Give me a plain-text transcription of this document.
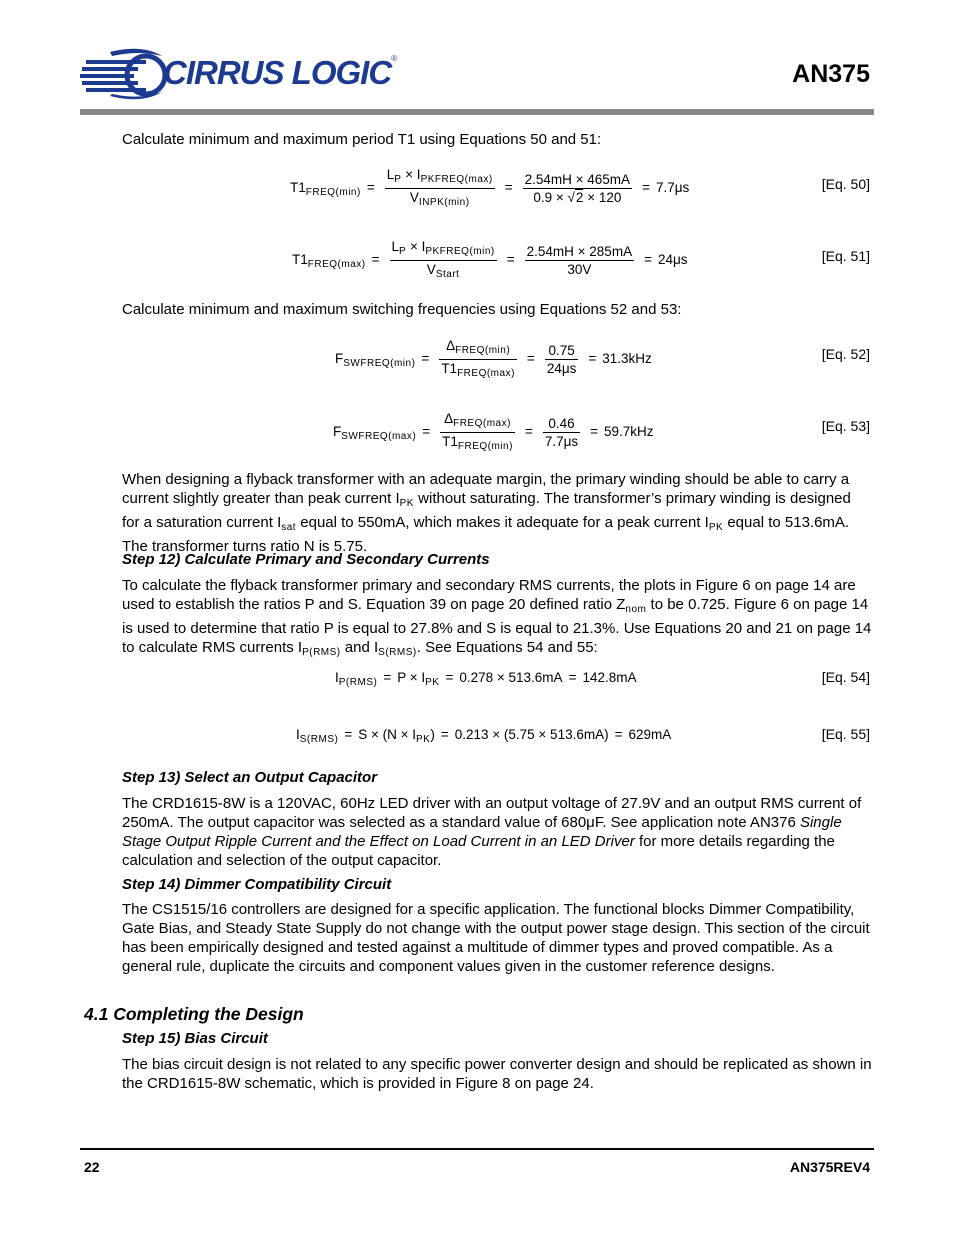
CIRRUS LOGIC®
AN375
Calculate minimum and maximum period T1 using Equations 50 and 51:
$T1_{FREQ(min)} = \frac{L_P \times I_{PKFREQ(max)}}{V_{INPK(min)}} = \frac{2.54mH \times 465mA}{0.9 \times √2 \times 120} = 7.7\mu s$	[Eq. 50]
$T1_{FREQ(max)} = \frac{L_P \times I_{PKFREQ(min)}}{V_{Start}} = \frac{2.54mH \times 285mA}{30V} = 24\mu s$	[Eq. 51]
Calculate minimum and maximum switching frequencies using Equations 52 and 53:
$F_{SWFREQ(min)} = \frac{\Delta_{FREQ(min)}}{T1_{FREQ(max)}} = \frac{0.75}{24\mu s} = 31.3kHz$	[Eq. 52]
$F_{SWFREQ(max)} = \frac{\Delta_{FREQ(max)}}{T1_{FREQ(min)}} = \frac{0.46}{7.7\mu s} = 59.7kHz$	[Eq. 53]
When designing a flyback transformer with an adequate margin, the primary winding should be able to carry a current slightly greater than peak current $I_{PK}$ without saturating. The transformer’s primary winding is designed for a saturation current $I_{sat}$ equal to 550mA, which makes it adequate for a peak current $I_{PK}$ equal to 513.6mA. The transformer turns ratio N is 5.75.
Step 12) Calculate Primary and Secondary Currents
To calculate the flyback transformer primary and secondary RMS currents, the plots in Figure 6 on page 14 are used to establish the ratios P and S. Equation 39 on page 20 defined ratio $Z_{nom}$ to be 0.725. Figure 6 on page 14 is used to determine that ratio P is equal to 27.8% and S is equal to 21.3%. Use Equations 20 and 21 on page 14 to calculate RMS currents $I_{P(RMS)}$ and $I_{S(RMS)}$. See Equations 54 and 55:
$I_{P(RMS)} = P \times I_{PK} = 0.278 \times 513.6mA = 142.8mA$	[Eq. 54]
$I_{S(RMS)} = S \times (N \times I_{PK}) = 0.213 \times (5.75 \times 513.6mA) = 629mA$	[Eq. 55]
Step 13) Select an Output Capacitor
The CRD1615-8W is a 120VAC, 60Hz LED driver with an output voltage of 27.9V and an output RMS current of 250mA. The output capacitor was selected as a standard value of 680μF. See application note AN376 Single Stage Output Ripple Current and the Effect on Load Current in an LED Driver for more details regarding the calculation and selection of the output capacitor.
Step 14) Dimmer Compatibility Circuit
The CS1515/16 controllers are designed for a specific application. The functional blocks Dimmer Compatibility, Gate Bias, and Steady State Supply do not change with the output power stage design. This section of the circuit has been empirically designed and tested against a multitude of dimmer types and proved compatible. As a general rule, duplicate the circuits and component values given in the customer reference designs.
4.1 Completing the Design
Step 15) Bias Circuit
The bias circuit design is not related to any specific power converter design and should be replicated as shown in the CRD1615-8W schematic, which is provided in Figure 8 on page 24.
22	AN375REV4
